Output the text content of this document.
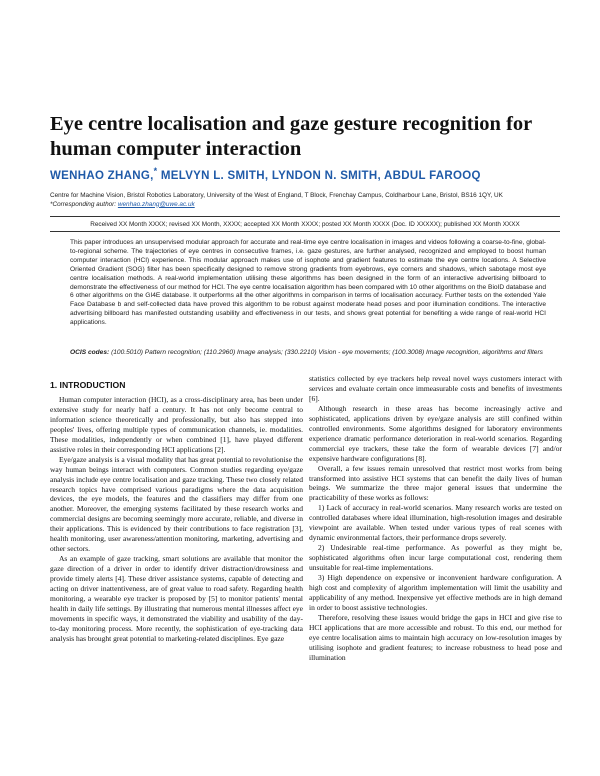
Eye centre localisation and gaze gesture recognition for human computer interaction
WENHAO ZHANG,* MELVYN L. SMITH, LYNDON N. SMITH, ABDUL FAROOQ
Centre for Machine Vision, Bristol Robotics Laboratory, University of the West of England, T Block, Frenchay Campus, Coldharbour Lane, Bristol, BS16 1QY, UK
*Corresponding author: wenhao.zhang@uwe.ac.uk
Received XX Month XXXX; revised XX Month, XXXX; accepted XX Month XXXX; posted XX Month XXXX (Doc. ID XXXXX); published XX Month XXXX

This paper introduces an unsupervised modular approach for accurate and real-time eye centre localisation in images and videos following a coarse-to-fine, global-to-regional scheme. The trajectories of eye centres in consecutive frames, i.e. gaze gestures, are further analysed, recognized and employed to boost human computer interaction (HCI) experience. This modular approach makes use of isophote and gradient features to estimate the eye centre locations. A Selective Oriented Gradient (SOG) filter has been specifically designed to remove strong gradients from eyebrows, eye corners and shadows, which sabotage most eye centre localisation methods. A real-world implementation utilising these algorithms has been designed in the form of an interactive advertising billboard to demonstrate the effectiveness of our method for HCI. The eye centre localisation algorithm has been compared with 10 other algorithms on the BioID database and 6 other algorithms on the GI4E database. It outperforms all the other algorithms in comparison in terms of localisation accuracy. Further tests on the extended Yale Face Database b and self-collected data have proved this algorithm to be robust against moderate head poses and poor illumination conditions. The interactive advertising billboard has manifested outstanding usability and effectiveness in our tests, and shows great potential for benefiting a wide range of real-world HCI applications.

OCIS codes: (100.5010) Pattern recognition; (110.2960) Image analysis; (330.2210) Vision - eye movements; (100.3008) Image recognition, algorithms and filters

1. INTRODUCTION

Human computer interaction (HCI), as a cross-disciplinary area, has been under extensive study for nearly half a century. It has not only become central to information science theoretically and professionally, but also has stepped into peoples' lives, offering multiple types of communication channels, ie. modalities. These modalities, independently or when combined [1], have played different assistive roles in their corresponding HCI applications [2].

Eye/gaze analysis is a visual modality that has great potential to revolutionise the way human beings interact with computers. Common studies regarding eye/gaze analysis include eye centre localisation and gaze tracking. These two closely related research topics have comprised various paradigms where the data acquisition devices, the eye models, the features and the classifiers may differ from one another. Moreover, the emerging systems facilitated by these research works and commercial designs are becoming seemingly more accurate, reliable, and diverse in their applications. This is evidenced by their contributions to face registration [3], health monitoring, user awareness/attention monitoring, marketing, advertising and other sectors.

As an example of gaze tracking, smart solutions are available that monitor the gaze direction of a driver in order to identify driver distraction/drowsiness and provide timely alerts [4]. These driver assistance systems, capable of detecting and acting on driver inattentiveness, are of great value to road safety. Regarding health monitoring, a wearable eye tracker is proposed by [5] to monitor patients' mental health in daily life settings. By illustrating that numerous mental illnesses affect eye movements in specific ways, it demonstrated the viability and usability of the day-to-day monitoring process. More recently, the sophistication of eye-tracking data analysis has brought great potential to marketing-related disciplines. Eye gaze

statistics collected by eye trackers help reveal novel ways customers interact with services and evaluate certain once immeasurable costs and benefits of investments [6].

Although research in these areas has become increasingly active and sophisticated, applications driven by eye/gaze analysis are still confined within controlled environments. Some algorithms designed for laboratory environments experience dramatic performance deterioration in real-world scenarios. Regarding commercial eye trackers, these take the form of wearable devices [7] and/or expensive hardware configurations [8].

Overall, a few issues remain unresolved that restrict most works from being transformed into assistive HCI systems that can benefit the daily lives of human beings. We summarize the three major general issues that undermine the practicability of these works as follows:

1) Lack of accuracy in real-world scenarios. Many research works are tested on controlled databases where ideal illumination, high-resolution images and desirable viewpoint are available. When tested under various types of real scenes with dynamic environmental factors, their performance drops severely.

2) Undesirable real-time performance. As powerful as they might be, sophisticated algorithms often incur large computational cost, rendering them unsuitable for real-time implementations.

3) High dependence on expensive or inconvenient hardware configuration. A high cost and complexity of algorithm implementation will limit the usability and applicability of any method. Inexpensive yet effective methods are in high demand in order to boost assistive technologies.

Therefore, resolving these issues would bridge the gaps in HCI and give rise to HCI applications that are more accessible and robust. To this end, our method for eye centre localisation aims to maintain high accuracy on low-resolution images by utilising isophote and gradient features; to increase robustness to head pose and illumination
